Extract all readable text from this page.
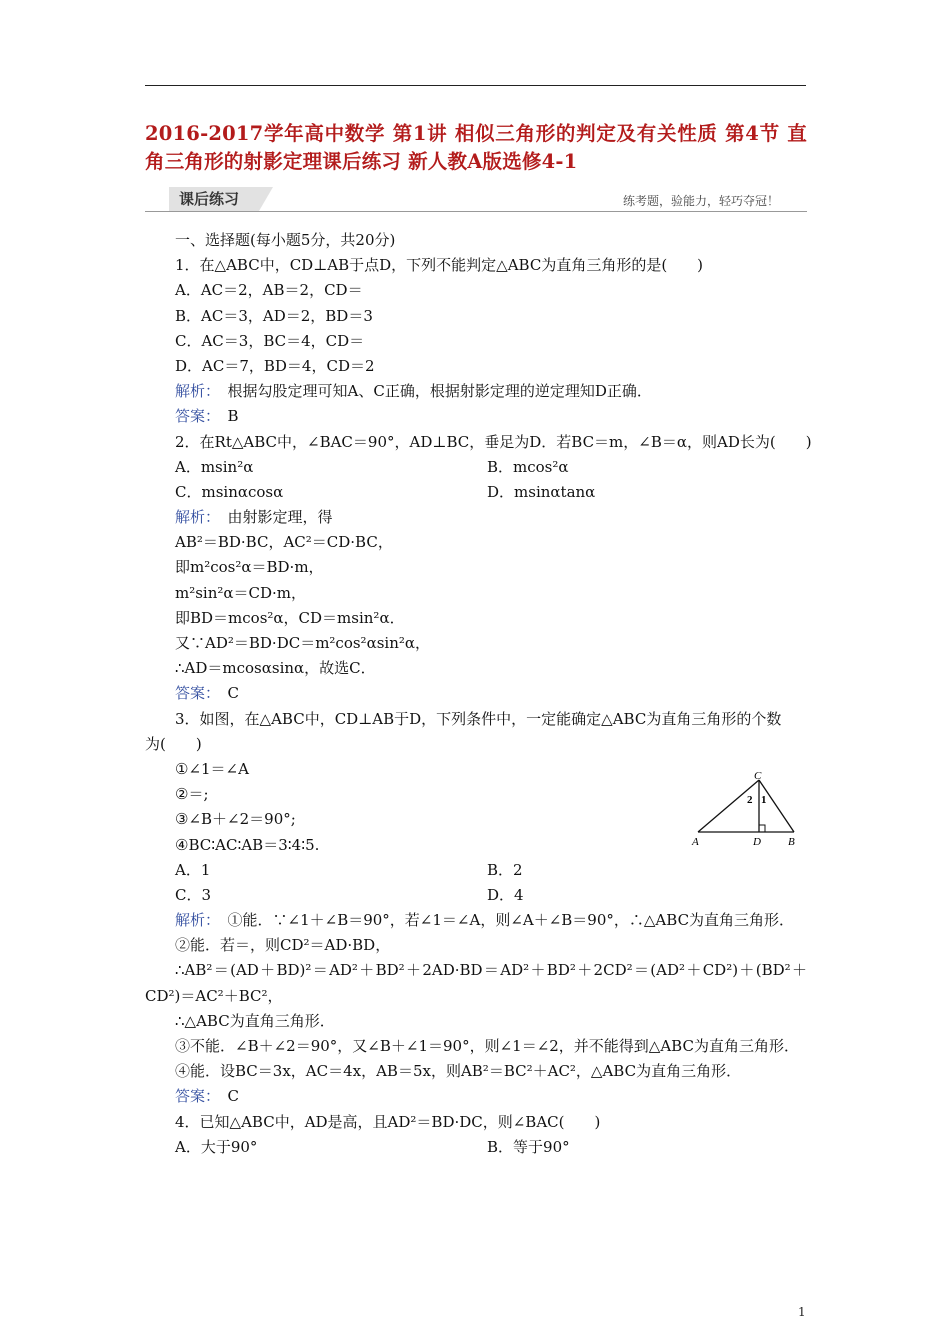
2016-2017学年高中数学 第1讲 相似三角形的判定及有关性质 第4节 直角三角形的射影定理课后练习 新人教A版选修4-1
课后练习	练考题，验能力，轻巧夺冠！
一、选择题(每小题5分，共20分)
1．在△ABC中，CD⊥AB于点D，下列不能判定△ABC为直角三角形的是(　　)
A．AC＝2，AB＝2，CD＝
B．AC＝3，AD＝2，BD＝3
C．AC＝3，BC＝4，CD＝
D．AC＝7，BD＝4，CD＝2
解析：　根据勾股定理可知A、C正确，根据射影定理的逆定理知D正确．
答案：　B
2．在Rt△ABC中，∠BAC＝90°，AD⊥BC，垂足为D．若BC＝m，∠B＝α，则AD长为(　　)
A．msin²α	B．mcos²α
C．msinαcosα	D．msinαtanα
解析：　由射影定理，得
AB²＝BD·BC，AC²＝CD·BC，
即m²cos²α＝BD·m，
m²sin²α＝CD·m，
即BD＝mcos²α，CD＝msin²α．
又∵AD²＝BD·DC＝m²cos²αsin²α，
∴AD＝mcosαsinα，故选C．
答案：　C
3．如图，在△ABC中，CD⊥AB于D，下列条件中，一定能确定△ABC为直角三角形的个数
为(　　)
①∠1＝∠A
②＝;
③∠B＋∠2＝90°;
④BC∶AC∶AB＝3∶4∶5.
A．1	B．2
C．3	D．4
解析：　①能．∵∠1＋∠B＝90°，若∠1＝∠A，则∠A＋∠B＝90°，∴△ABC为直角三角形．
②能．若＝，则CD²＝AD·BD，
∴AB²＝(AD＋BD)²＝AD²＋BD²＋2AD·BD＝AD²＋BD²＋2CD²＝(AD²＋CD²)＋(BD²＋CD²)＝AC²＋BC²，
∴△ABC为直角三角形．
③不能．∠B＋∠2＝90°，又∠B＋∠1＝90°，则∠1＝∠2，并不能得到△ABC为直角三角形．
④能．设BC＝3x，AC＝4x，AB＝5x，则AB²＝BC²＋AC²，△ABC为直角三角形．
答案：　C
4．已知△ABC中，AD是高，且AD²＝BD·DC，则∠BAC(　　)
A．大于90°	B．等于90°
C
2 1
A	D B
1
